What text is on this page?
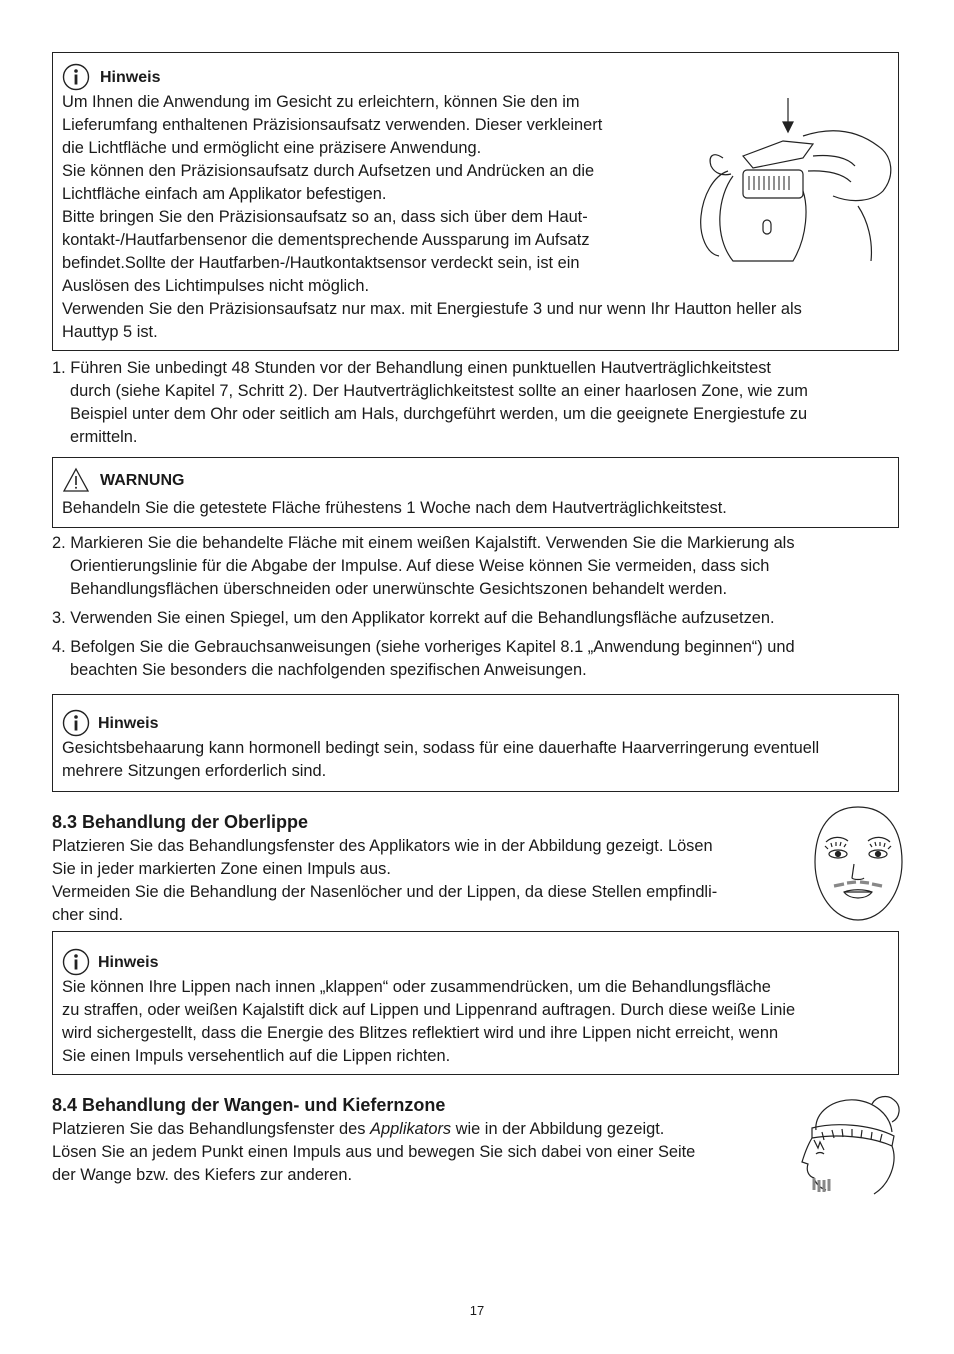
Hinweis

Um Ihnen die Anwendung im Gesicht zu erleichtern, können Sie den im

Lieferumfang enthaltenen Präzisionsaufsatz verwenden. Dieser verkleinert

die Lichtfläche und ermöglicht eine präzisere Anwendung.

Sie können den Präzisionsaufsatz durch Aufsetzen und Andrücken an die

Lichtfläche einfach am Applikator befestigen.

Bitte bringen Sie den Präzisionsaufsatz so an, dass sich über dem Haut-

kontakt-/Hautfarbensenor die dementsprechende Aussparung im Aufsatz

befindet.Sollte der Hautfarben-/Hautkontaktsensor verdeckt sein, ist ein

Auslösen des Lichtimpulses nicht möglich.

Verwenden Sie den Präzisionsaufsatz nur max. mit Energiestufe 3 und nur wenn Ihr Hautton heller als

Hauttyp 5 ist.

1. Führen Sie unbedingt 48 Stunden vor der Behandlung einen punktuellen Hautverträglichkeitstest
durch (siehe Kapitel 7, Schritt 2). Der Hautverträglichkeitstest sollte an einer haarlosen Zone, wie zum
Beispiel unter dem Ohr oder seitlich am Hals, durchgeführt werden, um die geeignete Energiestufe zu
ermitteln.

WARNUNG

Behandeln Sie die getestete Fläche frühestens 1 Woche nach dem Hautverträglichkeitstest.

2. Markieren Sie die behandelte Fläche mit einem weißen Kajalstift. Verwenden Sie die Markierung als
Orientierungslinie für die Abgabe der Impulse. Auf diese Weise können Sie vermeiden, dass sich
Behandlungsflächen überschneiden oder unerwünschte Gesichtszonen behandelt werden.

3. Verwenden Sie einen Spiegel, um den Applikator korrekt auf die Behandlungsfläche aufzusetzen.

4. Befolgen Sie die Gebrauchsanweisungen (siehe vorheriges Kapitel 8.1 „Anwendung beginnen“) und
beachten Sie besonders die nachfolgenden spezifischen Anweisungen.

Hinweis

Gesichtsbehaarung kann hormonell bedingt sein, sodass für eine dauerhafte Haarverringerung eventuell

mehrere Sitzungen erforderlich sind.

8.3 Behandlung der Oberlippe

Platzieren Sie das Behandlungsfenster des Applikators wie in der Abbildung gezeigt. Lösen
Sie in jeder markierten Zone einen Impuls aus.
Vermeiden Sie die Behandlung der Nasenlöcher und der Lippen, da diese Stellen empfindli-
cher sind.

Hinweis

Sie können Ihre Lippen nach innen „klappen“ oder zusammendrücken, um die Behandlungsfläche

zu straffen, oder weißen Kajalstift dick auf Lippen und Lippenrand auftragen. Durch diese weiße Linie

wird sichergestellt, dass die Energie des Blitzes reflektiert wird und ihre Lippen nicht erreicht, wenn

Sie einen Impuls versehentlich auf die Lippen richten.

8.4 Behandlung der Wangen- und Kiefernzone

Platzieren Sie das Behandlungsfenster des Applikators wie in der Abbildung gezeigt.
Lösen Sie an jedem Punkt einen Impuls aus und bewegen Sie sich dabei von einer Seite
der Wange bzw. des Kiefers zur anderen.

17
